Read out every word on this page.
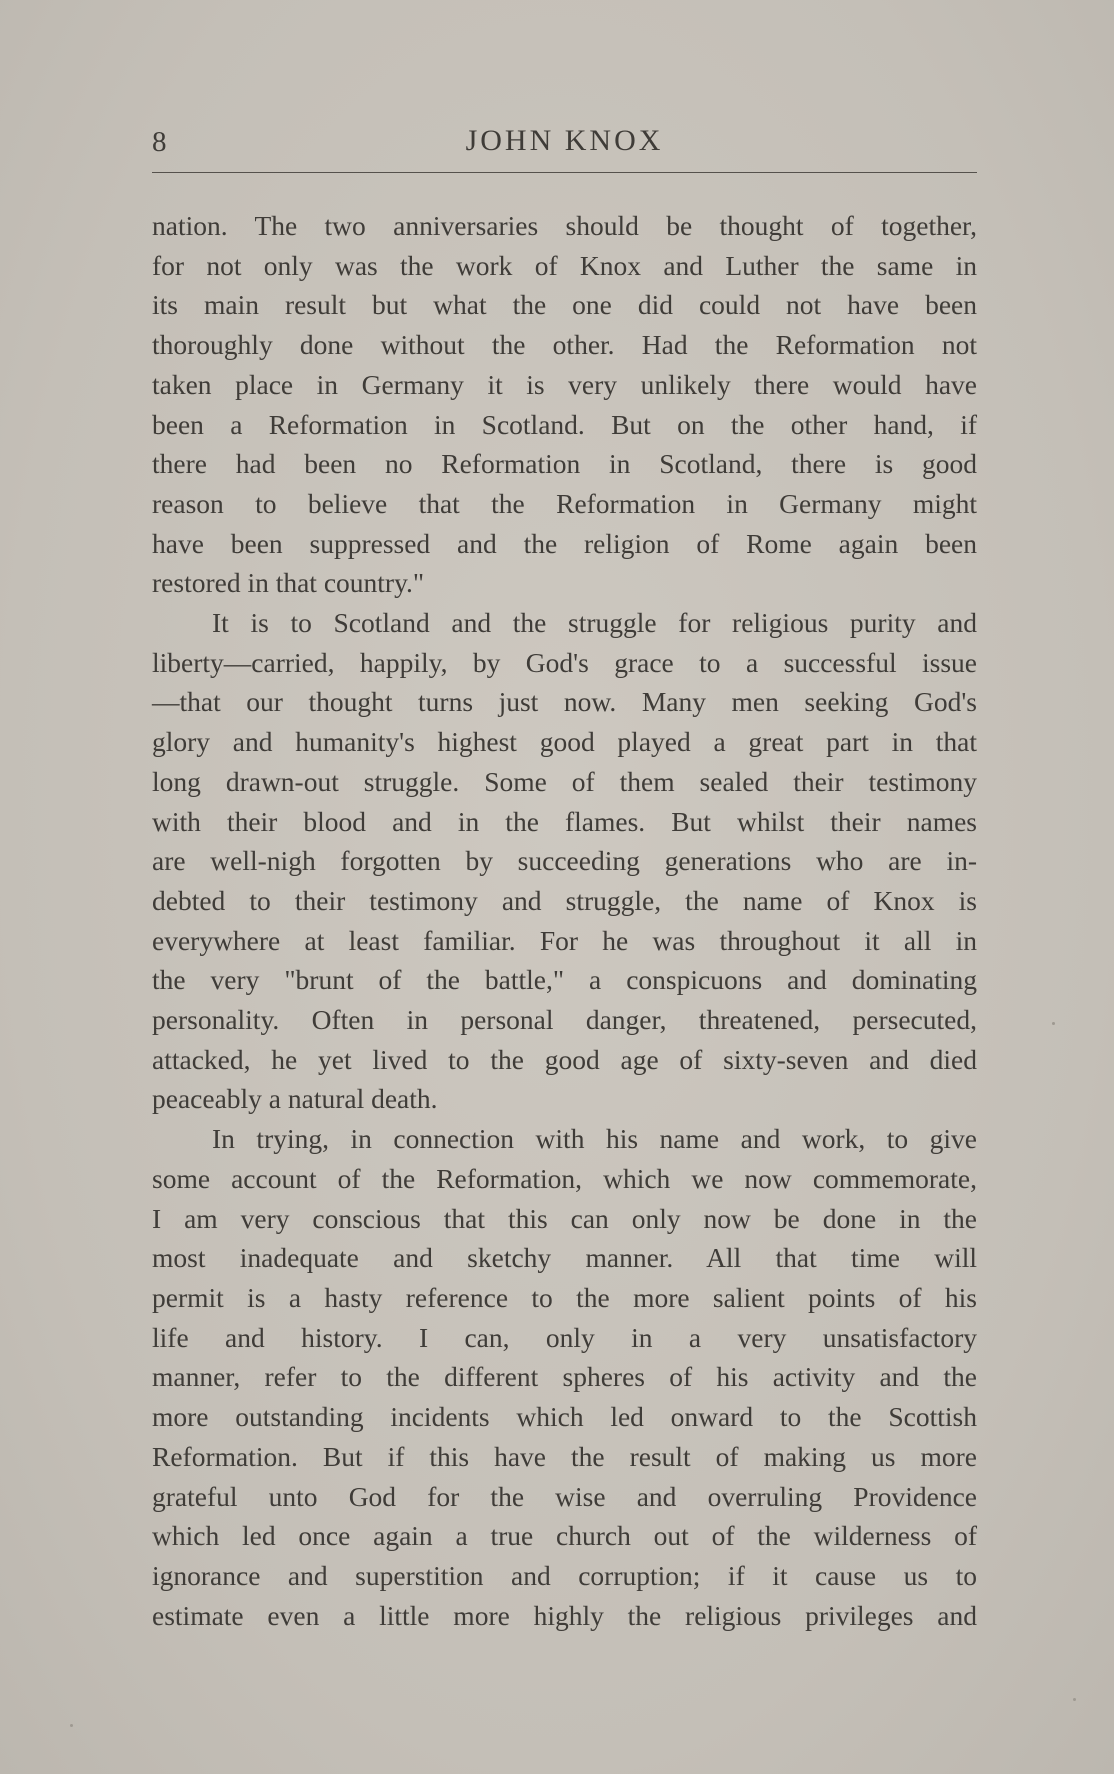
8	JOHN KNOX

nation. The two anniversaries should be thought of together,

for not only was the work of Knox and Luther the same in

its main result but what the one did could not have been

thoroughly done without the other. Had the Reformation not

taken place in Germany it is very unlikely there would have

been a Reformation in Scotland. But on the other hand, if

there had been no Reformation in Scotland, there is good

reason to believe that the Reformation in Germany might

have been suppressed and the religion of Rome again been

restored in that country."

It is to Scotland and the struggle for religious purity and

liberty—carried, happily, by God's grace to a successful issue

—that our thought turns just now. Many men seeking God's

glory and humanity's highest good played a great part in that

long drawn-out struggle. Some of them sealed their testimony

with their blood and in the flames. But whilst their names

are well-nigh forgotten by succeeding generations who are in-

debted to their testimony and struggle, the name of Knox is

everywhere at least familiar. For he was throughout it all in

the very "brunt of the battle," a conspicuons and dominating

personality. Often in personal danger, threatened, persecuted,

attacked, he yet lived to the good age of sixty-seven and died

peaceably a natural death.

In trying, in connection with his name and work, to give

some account of the Reformation, which we now commemorate,

I am very conscious that this can only now be done in the

most inadequate and sketchy manner. All that time will

permit is a hasty reference to the more salient points of his

life and history. I can, only in a very unsatisfactory

manner, refer to the different spheres of his activity and the

more outstanding incidents which led onward to the Scottish

Reformation. But if this have the result of making us more

grateful unto God for the wise and overruling Providence

which led once again a true church out of the wilderness of

ignorance and superstition and corruption; if it cause us to

estimate even a little more highly the religious privileges and
